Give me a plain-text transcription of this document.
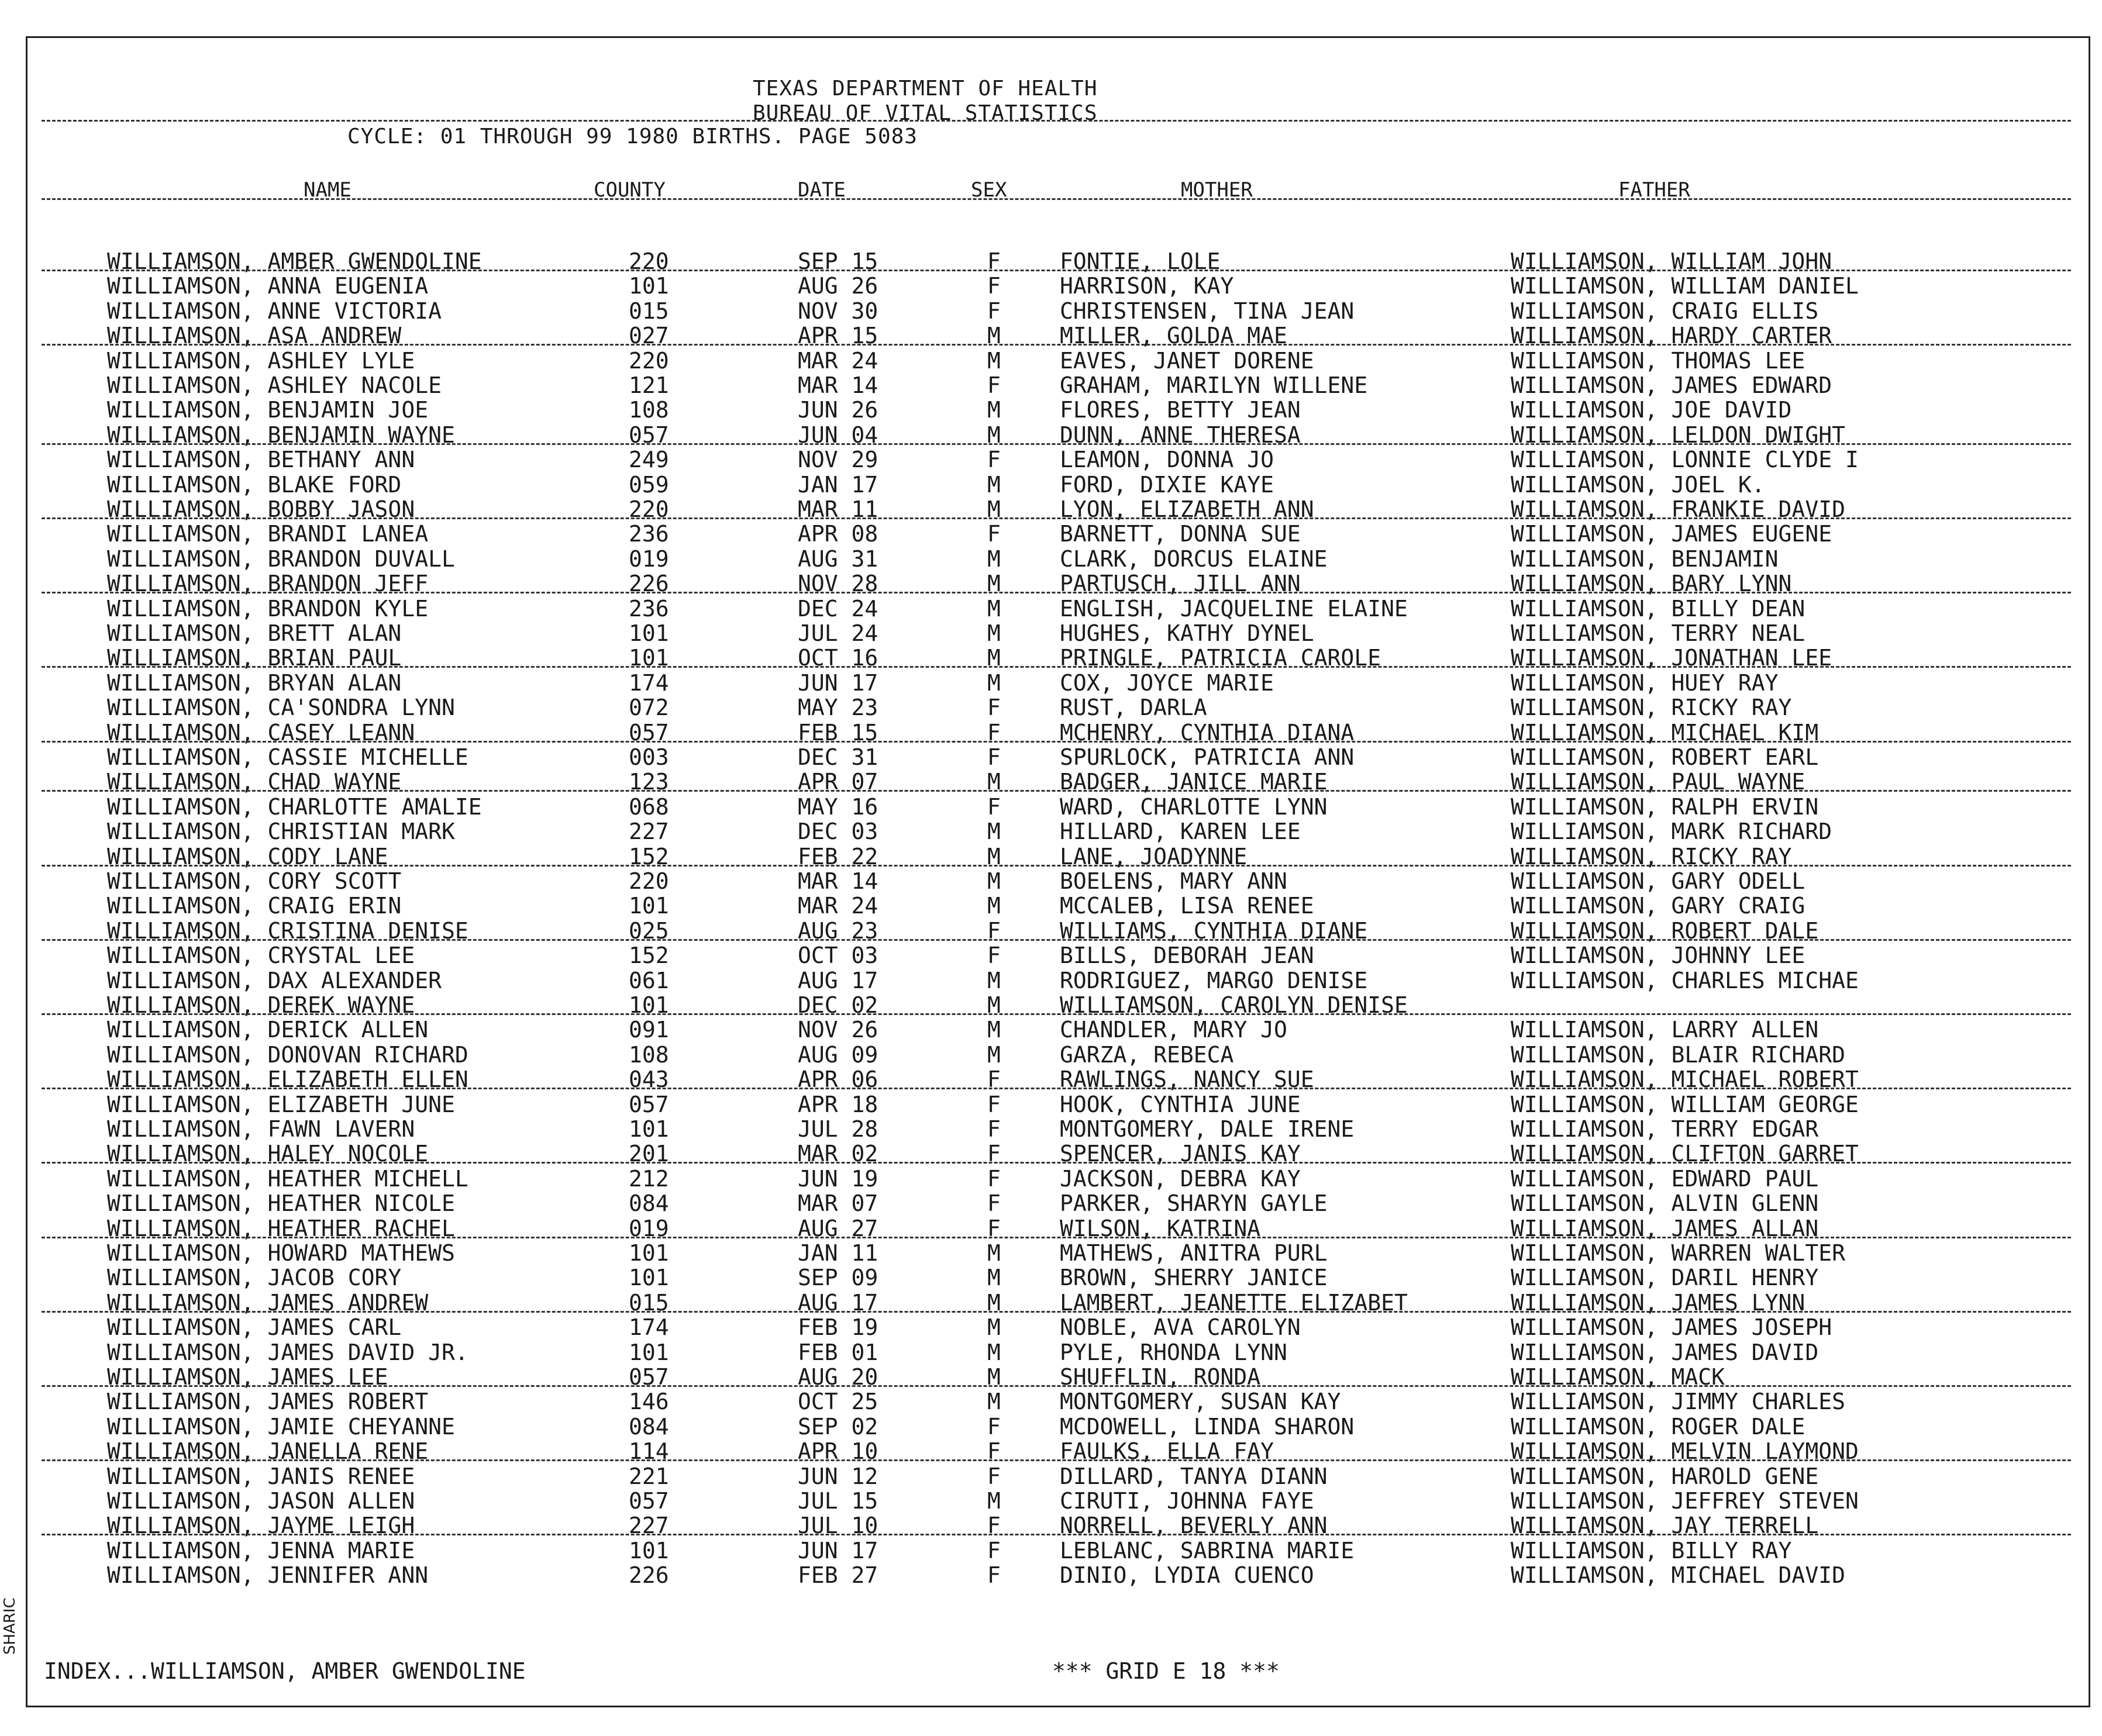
TEXAS DEPARTMENT OF HEALTH
BUREAU OF VITAL STATISTICS
CYCLE: 01 THROUGH 99 1980 BIRTHS. PAGE 5083
NAME	COUNTY	DATE	SEX	MOTHER	FATHER
WILLIAMSON, AMBER GWENDOLINE	220	SEP 15	F	FONTIE, LOLE	WILLIAMSON, WILLIAM JOHN
WILLIAMSON, ANNA EUGENIA	101	AUG 26	F	HARRISON, KAY	WILLIAMSON, WILLIAM DANIEL
WILLIAMSON, ANNE VICTORIA	015	NOV 30	F	CHRISTENSEN, TINA JEAN	WILLIAMSON, CRAIG ELLIS
WILLIAMSON, ASA ANDREW	027	APR 15	M	MILLER, GOLDA MAE	WILLIAMSON, HARDY CARTER
WILLIAMSON, ASHLEY LYLE	220	MAR 24	M	EAVES, JANET DORENE	WILLIAMSON, THOMAS LEE
WILLIAMSON, ASHLEY NACOLE	121	MAR 14	F	GRAHAM, MARILYN WILLENE	WILLIAMSON, JAMES EDWARD
WILLIAMSON, BENJAMIN JOE	108	JUN 26	M	FLORES, BETTY JEAN	WILLIAMSON, JOE DAVID
WILLIAMSON, BENJAMIN WAYNE	057	JUN 04	M	DUNN, ANNE THERESA	WILLIAMSON, LELDON DWIGHT
WILLIAMSON, BETHANY ANN	249	NOV 29	F	LEAMON, DONNA JO	WILLIAMSON, LONNIE CLYDE I
WILLIAMSON, BLAKE FORD	059	JAN 17	M	FORD, DIXIE KAYE	WILLIAMSON, JOEL K.
WILLIAMSON, BOBBY JASON	220	MAR 11	M	LYON, ELIZABETH ANN	WILLIAMSON, FRANKIE DAVID
WILLIAMSON, BRANDI LANEA	236	APR 08	F	BARNETT, DONNA SUE	WILLIAMSON, JAMES EUGENE
WILLIAMSON, BRANDON DUVALL	019	AUG 31	M	CLARK, DORCUS ELAINE	WILLIAMSON, BENJAMIN
WILLIAMSON, BRANDON JEFF	226	NOV 28	M	PARTUSCH, JILL ANN	WILLIAMSON, BARY LYNN
WILLIAMSON, BRANDON KYLE	236	DEC 24	M	ENGLISH, JACQUELINE ELAINE	WILLIAMSON, BILLY DEAN
WILLIAMSON, BRETT ALAN	101	JUL 24	M	HUGHES, KATHY DYNEL	WILLIAMSON, TERRY NEAL
WILLIAMSON, BRIAN PAUL	101	OCT 16	M	PRINGLE, PATRICIA CAROLE	WILLIAMSON, JONATHAN LEE
WILLIAMSON, BRYAN ALAN	174	JUN 17	M	COX, JOYCE MARIE	WILLIAMSON, HUEY RAY
WILLIAMSON, CA'SONDRA LYNN	072	MAY 23	F	RUST, DARLA	WILLIAMSON, RICKY RAY
WILLIAMSON, CASEY LEANN	057	FEB 15	F	MCHENRY, CYNTHIA DIANA	WILLIAMSON, MICHAEL KIM
WILLIAMSON, CASSIE MICHELLE	003	DEC 31	F	SPURLOCK, PATRICIA ANN	WILLIAMSON, ROBERT EARL
WILLIAMSON, CHAD WAYNE	123	APR 07	M	BADGER, JANICE MARIE	WILLIAMSON, PAUL WAYNE
WILLIAMSON, CHARLOTTE AMALIE	068	MAY 16	F	WARD, CHARLOTTE LYNN	WILLIAMSON, RALPH ERVIN
WILLIAMSON, CHRISTIAN MARK	227	DEC 03	M	HILLARD, KAREN LEE	WILLIAMSON, MARK RICHARD
WILLIAMSON, CODY LANE	152	FEB 22	M	LANE, JOADYNNE	WILLIAMSON, RICKY RAY
WILLIAMSON, CORY SCOTT	220	MAR 14	M	BOELENS, MARY ANN	WILLIAMSON, GARY ODELL
WILLIAMSON, CRAIG ERIN	101	MAR 24	M	MCCALEB, LISA RENEE	WILLIAMSON, GARY CRAIG
WILLIAMSON, CRISTINA DENISE	025	AUG 23	F	WILLIAMS, CYNTHIA DIANE	WILLIAMSON, ROBERT DALE
WILLIAMSON, CRYSTAL LEE	152	OCT 03	F	BILLS, DEBORAH JEAN	WILLIAMSON, JOHNNY LEE
WILLIAMSON, DAX ALEXANDER	061	AUG 17	M	RODRIGUEZ, MARGO DENISE	WILLIAMSON, CHARLES MICHAE
WILLIAMSON, DEREK WAYNE	101	DEC 02	M	WILLIAMSON, CAROLYN DENISE
WILLIAMSON, DERICK ALLEN	091	NOV 26	M	CHANDLER, MARY JO	WILLIAMSON, LARRY ALLEN
WILLIAMSON, DONOVAN RICHARD	108	AUG 09	M	GARZA, REBECA	WILLIAMSON, BLAIR RICHARD
WILLIAMSON, ELIZABETH ELLEN	043	APR 06	F	RAWLINGS, NANCY SUE	WILLIAMSON, MICHAEL ROBERT
WILLIAMSON, ELIZABETH JUNE	057	APR 18	F	HOOK, CYNTHIA JUNE	WILLIAMSON, WILLIAM GEORGE
WILLIAMSON, FAWN LAVERN	101	JUL 28	F	MONTGOMERY, DALE IRENE	WILLIAMSON, TERRY EDGAR
WILLIAMSON, HALEY NOCOLE	201	MAR 02	F	SPENCER, JANIS KAY	WILLIAMSON, CLIFTON GARRET
WILLIAMSON, HEATHER MICHELL	212	JUN 19	F	JACKSON, DEBRA KAY	WILLIAMSON, EDWARD PAUL
WILLIAMSON, HEATHER NICOLE	084	MAR 07	F	PARKER, SHARYN GAYLE	WILLIAMSON, ALVIN GLENN
WILLIAMSON, HEATHER RACHEL	019	AUG 27	F	WILSON, KATRINA	WILLIAMSON, JAMES ALLAN
WILLIAMSON, HOWARD MATHEWS	101	JAN 11	M	MATHEWS, ANITRA PURL	WILLIAMSON, WARREN WALTER
WILLIAMSON, JACOB CORY	101	SEP 09	M	BROWN, SHERRY JANICE	WILLIAMSON, DARIL HENRY
WILLIAMSON, JAMES ANDREW	015	AUG 17	M	LAMBERT, JEANETTE ELIZABET	WILLIAMSON, JAMES LYNN
WILLIAMSON, JAMES CARL	174	FEB 19	M	NOBLE, AVA CAROLYN	WILLIAMSON, JAMES JOSEPH
WILLIAMSON, JAMES DAVID JR.	101	FEB 01	M	PYLE, RHONDA LYNN	WILLIAMSON, JAMES DAVID
WILLIAMSON, JAMES LEE	057	AUG 20	M	SHUFFLIN, RONDA	WILLIAMSON, MACK
WILLIAMSON, JAMES ROBERT	146	OCT 25	M	MONTGOMERY, SUSAN KAY	WILLIAMSON, JIMMY CHARLES
WILLIAMSON, JAMIE CHEYANNE	084	SEP 02	F	MCDOWELL, LINDA SHARON	WILLIAMSON, ROGER DALE
WILLIAMSON, JANELLA RENE	114	APR 10	F	FAULKS, ELLA FAY	WILLIAMSON, MELVIN LAYMOND
WILLIAMSON, JANIS RENEE	221	JUN 12	F	DILLARD, TANYA DIANN	WILLIAMSON, HAROLD GENE
WILLIAMSON, JASON ALLEN	057	JUL 15	M	CIRUTI, JOHNNA FAYE	WILLIAMSON, JEFFREY STEVEN
WILLIAMSON, JAYME LEIGH	227	JUL 10	F	NORRELL, BEVERLY ANN	WILLIAMSON, JAY TERRELL
WILLIAMSON, JENNA MARIE	101	JUN 17	F	LEBLANC, SABRINA MARIE	WILLIAMSON, BILLY RAY
WILLIAMSON, JENNIFER ANN	226	FEB 27	F	DINIO, LYDIA CUENCO	WILLIAMSON, MICHAEL DAVID
INDEX...WILLIAMSON, AMBER GWENDOLINE	*** GRID E 18 ***
SHARIC
